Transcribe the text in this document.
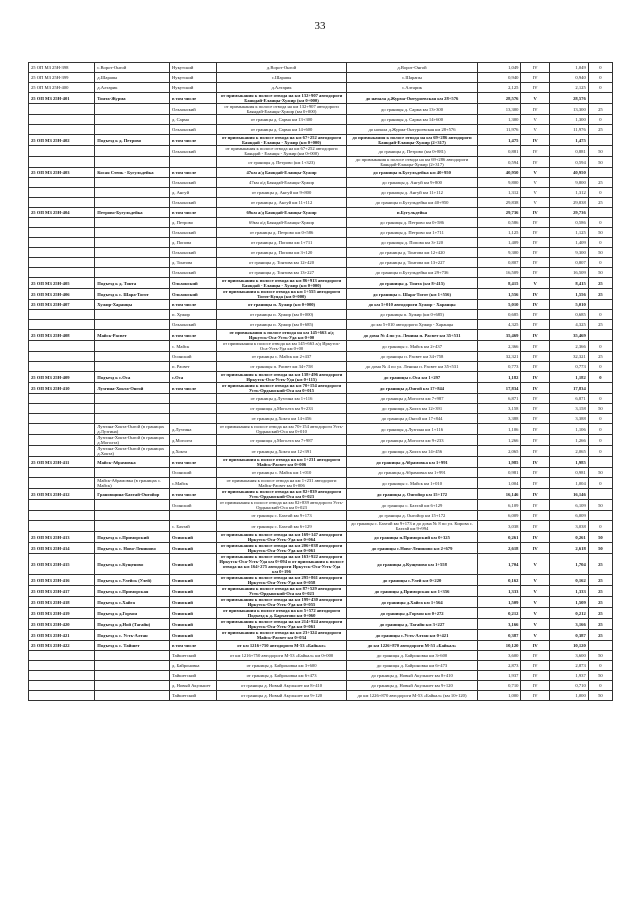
33
25 ОП МЗ 25Н-398	с.Ворот-Онгой	Нукутский	д.Ворот-Онгой	д.Ворот-Онгой	1,049	IV	1,049	0
25 ОП МЗ 25Н-399	д.Шарапы	Нукутский	с.Шарапы	с.Шарапы	0,940	IV	0,940	0
25 ОП МЗ 25Н-400	д.Алтарик	Нукутский	д.Алтарик	с.Алтарик	2,125	IV	2,125	0
25 ОП МЗ 25Н-401	Тонта-Журма	в том числе	от примыкания к полосе отвода на км 132+907 автодороги Баяндай-Еланцы-Хужир (км 0+000)	до начала д.Журма-Онтуроевская км 28+576	28,576	V	28,576	
		Ольхонский	от примыкания к полосе отвода на км 132+907 автодороги Баяндай-Еланцы-Хужир (км 0+000)	до границы д. Сарма км 13+300	13,300	IV	13,300	25
		д. Сарма	от границы д. Сарма км 13+300	до границы д. Сарма км 14+600	1,300	V	1,300	0
		Ольхонский	от границы д. Сарма км 14+600	до начала д.Журма-Онтуроевская км 28+576	11,976	V	11,976	25
25 ОП МЗ 25Н-402	Подъезд к д. Петрово	в том числе	от примыкания к полосе отвода на км 67+252 автодороги Баяндай - Еланцы - Хужир (км 0+000)	до примыкания к полосе отвода на км 69+286 автодороги Баяндай-Еланцы-Хужир (2+317)	1,475	IV	1,475	
		Ольхонский	от примыкания к полосе отвода на км 67+252 автодороги Баяндай - Еланцы - Хужир (км 0+000)	до границы д. Петрово (км 0+881)	0,881	IV	0,881	50
			от границы д. Петрово (км 1+323)	до примыкания к полосе отвода на км 69+286 автодороги Баяндай-Еланцы-Хужир (2+317)	0,594	IV	0,594	50
25 ОП МЗ 25Н-403	Косая Степь - Бугульдейка	в том числе	47км а/д Баяндай-Еланцы-Хужир	до границы п.Бугульдейка км 40+950	40,950	V	40,950	
		Ольхонский	47км а/д Баяндай-Еланцы-Хужир	до границы д. Ангуй км 9+800	9,800	V	9,800	25
		д. Ангуй	от границы д. Ангуй км 9+800	до границы д. Ангуй км 11+112	1,312	V	1,312	0
		Ольхонский	от границы д. Ангуй км 11+112	до границы п.Бугульдейка км 40+950	29,838	V	29,838	25
25 ОП МЗ 25Н-404	Петрово-Бугульдейка	в том числе	69км а/д Баяндай-Еланцы-Хужир	п.Бугульдейка	29,736	IV	29,736	
		д. Петрово	69км а/д Баяндай-Еланцы-Хужир	до границы д. Петрово км 0+586	0,586	IV	0,586	0
		Ольхонский	от границы д. Петрово км 0+586	до границы д. Петрово км 1+711	1,125	IV	1,125	50
		д. Попова	от границы д. Попова км 1+711	до границы д. Попова км 3+120	1,409	IV	1,409	0
		Ольхонский	от границы д. Попова км 3+120	до границы д. Тонтова км 12+420	9,300	IV	9,300	50
		д. Тонтова	от границы д. Тонтова км 12+420	до границы д. Тонтова км 13+227	0,807	IV	0,807	0
		Ольхонский	от границы д. Тонтова км 13+227	до границы п.Бугульдейка км 29+736	16,509	IV	16,509	50
25 ОП МЗ 25Н-405	Подъезд к д. Тонта	Ольхонский	от примыкания к полосе отвода на км 86+913 автодороги Баяндай - Еланцы - Хужир (км 0+000)	до границы д. Тонта (км 8+415)	8,415	V	8,415	25
25 ОП МЗ 25Н-406	Подъезд к с. Шара-Тогот	Ольхонский	от примыкания к полосе отвода на км 1+555 автодороги Тогот-Куяда (км 0+000)	до границы с. Шара-Тогот (км 1+556)	1,556	IV	1,556	25
25 ОП МЗ 25Н-407	Хужир-Харанцы	в том числе	от границы п. Хужир (км 0+000)	до км 5+010 автодороги Хужир - Харанцы	5,010	IV	5,010	
		п. Хужир	от границы п. Хужир (км 0+000)	до границы п. Хужир (км 0+685)	0,685	IV	0,685	0
		Ольхонский	от границы п. Хужир (км 0+685)	до км 5+010 автодороги Хужир - Харанцы	4,325	IV	4,325	25
25 ОП МЗ 25Н-408	Майск-Расвет	в том числе	от примыкания к полосе отвода на км 145+663 а/д Иркутск-Оса-Усть-Уда км 0+00	до дома № 4 по ул. Ленина п. Расвет км 35+531	35,469	IV	35,469	
		с. Майск	от примыкания к полосе отвода на км 145+663 а/д Иркутск-Оса-Усть-Уда км 0+00	до границы с. Майск км 2+437	2,366	IV	2,366	0
		Осинский	от границы с. Майск км 2+437	до границы п. Расвет км 34+758	32,321	IV	32,321	25
		п. Расвет	от границы п. Расвет км 34+758	до дома № 4 по ул. Ленина п. Расвет км 35+531	0,773	IV	0,773	0
25 ОП МЗ 25Н-409	Подъезд к с.Оса	с.Оса	от примыкания к полосе отвода на км 138+496 автодороги Иркутск-Оса-Усть-Уда (км 0+115)	до границы с.Оса км 1+297	1,182	IV	1,182	0
25 ОП МЗ 25Н-410	Лузгина-Хокта-Онгой	в том числе	от примыкания к полосе отвода на км 70+154 автодороги Усть-Ордынский-Оса км 0+015	до границы д.Онгой км 17+844	17,834	IV	17,834	
			от границы д.Лузгина км 1+116	до границы д.Моголта км 7+987	6,871	IV	6,871	0
			от границы д.Моголта км 9+233	до границы д.Хокта км 12+391	3,158	IV	3,158	50
			от границы д.Хокта км 14+456	до границы д.Онгой км 17+844	3,388	IV	3,388	0
	Лузгина-Хокта-Онгой (в границах д.Лузгина)	д.Лузгина	от примыкания к полосе отвода на км 70+154 автодороги Усть-Ордынский-Оса км 0+010	до границы д.Лузгина км 1+116	1,106	IV	1,106	0
	Лузгина-Хокта-Онгой (в границах д.Моголта)	д.Моголта	от границы д.Моголта км 7+987	до границы д.Моголта км 9+233	1,266	IV	1,266	0
	Лузгина-Хокта-Онгой (в границах д.Хокта)	д.Хокта	от границы д.Хокта км 12+391	до границы д.Хокта км 14+456	2,065	IV	2,065	0
25 ОП МЗ 25Н-411	Майск-Абрамовка	в том числе	от примыкания к полосе отвода на км 1+231 автодороги Майск-Расвет км 0+006	до границы д.Абрамовка км 1+991	1,985	IV	1,985	
		Осинский	от границы с. Майск км 1+010	до границы д.Абрамовка км 1+991	0,981	IV	0,981	50
	Майск-Абрамовка (в границах с. Майск)	с.Майск	от примыкания к полосе отвода на км 1+231 автодороги Майск-Расвет км 0+006	до границы с. Майск км 1+010	1,004	IV	1,004	0
25 ОП МЗ 25Н-412	Грановщина-Бахтай-Онгойор	в том числе	от примыкания к полосе отвода на км 82+839 автодороги Усть-Ордынский-Оса км 0+023	до границы д. Онгойор км 15+172	16,146	IV	16,146	
		Осинский	от примыкания к полосе отвода на км 82+839 автодороги Усть-Ордынский-Оса км 0+023	до границы с. Бахтай км 6+129	6,109	IV	6,109	50
			от границы с. Бахтай км 9+173	до границы д. Онгойор км 15+172	6,009	IV	6,009	
		с. Бахтай	от границы с. Бахтай км 6+129	до границы с. Бахтай км 9+173 и до дома № 8 по ул. Кирова с. Бахтай км 9+994	3,038	IV	3,038	0
25 ОП МЗ 25Н-413	Подъезд к с.Приморский	Осинский	от примыкания к полосе отвода на км 169+147 автодороги Иркутск-Оса-Усть-Уда км 0+064	до границы п.Приморский км 0+325	0,261	IV	0,261	50
25 ОП МЗ 25Н-414	Подъезд к с. Ново-Лениново	Осинский	от примыкания к полосе отвода на км 206+038 автодороги Иркутск-Оса-Усть-Уда км 0+061	до границы с.Ново-Лениново км 2+679	2,618	IV	2,618	50
25 ОП МЗ 25Н-415	Подъезд к с.Кущеново	Осинский	от примыкания к полосе отвода на км 163+922 автодороги Иркутск-Оса-Усть-Уда км 0+094 и от примыкания к полосе отвода на км 164+275 автодороги Иркутск-Оса-Усть-Уда км 0+196	до границы д.Кущеново км 1+558	1,704	V	1,704	25
25 ОП МЗ 25Н-416	Подъезд к с.Улейск (Улей)	Осинский	от примыкания к полосе отвода на км 295+861 автодороги Иркутск-Оса-Усть-Уда км 0+058	до границы с.Улей км 0+220	0,162	V	0,162	25
25 ОП МЗ 25Н-417	Подъезд к с.Приморская	Осинский	от примыкания к полосе отвода на км 87+529 автодороги Усть-Ордынский-Оса км 0+023	до границы д.Приморская км 1+356	1,333	V	1,333	25
25 ОП МЗ 25Н-418	Подъезд к с.Хайга	Осинский	от примыкания к полосе отвода на км 199+430 автодороги Иркутск-Оса-Усть-Уда км 0+055	до границы д.Хайга км 1+564	1,509	V	1,509	25
25 ОП МЗ 25Н-419	Подъезд к д.Горхон	Осинский	от примыкания к полосе отвода на км 5+572 автодороги Подъезд к д. Бархатово км 0+060	до границы д.Горхон км 0+272	0,212	V	0,212	25
25 ОП МЗ 25Н-420	Подъезд к д.Ной (Тагайн)	Осинский	от примыкания к полосе отвода на км 214+924 автодороги Иркутск-Оса-Усть-Уда км 0+061	до границы д. Тагайн км 3+227	3,166	V	3,166	25
25 ОП МЗ 25Н-421	Подъезд к с. Усть-Алтан	Осинский	от примыкания к полосе отвода на км 23+324 автодороги Майск-Расвет км 0+034	до границы с.Усть-Алтан км 0+421	0,387	V	0,387	25
25 ОП МЗ 25Н-422	Подъезд к с. Тайшет	в том числе	от км 1216+750 автодороги М-53 «Байкал»	до км 1226+870 автодороги М-53 «Байкал»	10,120	IV	10,120	
		Тайшетский	от км 1216+750 автодороги М-53 «Байкал» км 0+000	до границы д. Байроновка км 3+600	3,600	IV	3,600	50
		д. Байроновка	от границы д. Байроновка км 3+600	до границы д. Байроновка км 6+473	2,873	IV	2,873	0
		Тайшетский	от границы д. Байроновка км 6+473	до границы д. Новый Акульшет км 8+410	1,937	IV	1,937	50
		д. Новый Акульшет	от границы д. Новый Акульшет км 8+410	до границы д. Новый Акульшет км 9+120	0,710	IV	0,710	0
		Тайшетский	от границы д. Новый Акульшет км 9+120	до км 1226+870 автодороги М-53 «Байкал» (км 10+120)	1,000	IV	1,000	50
